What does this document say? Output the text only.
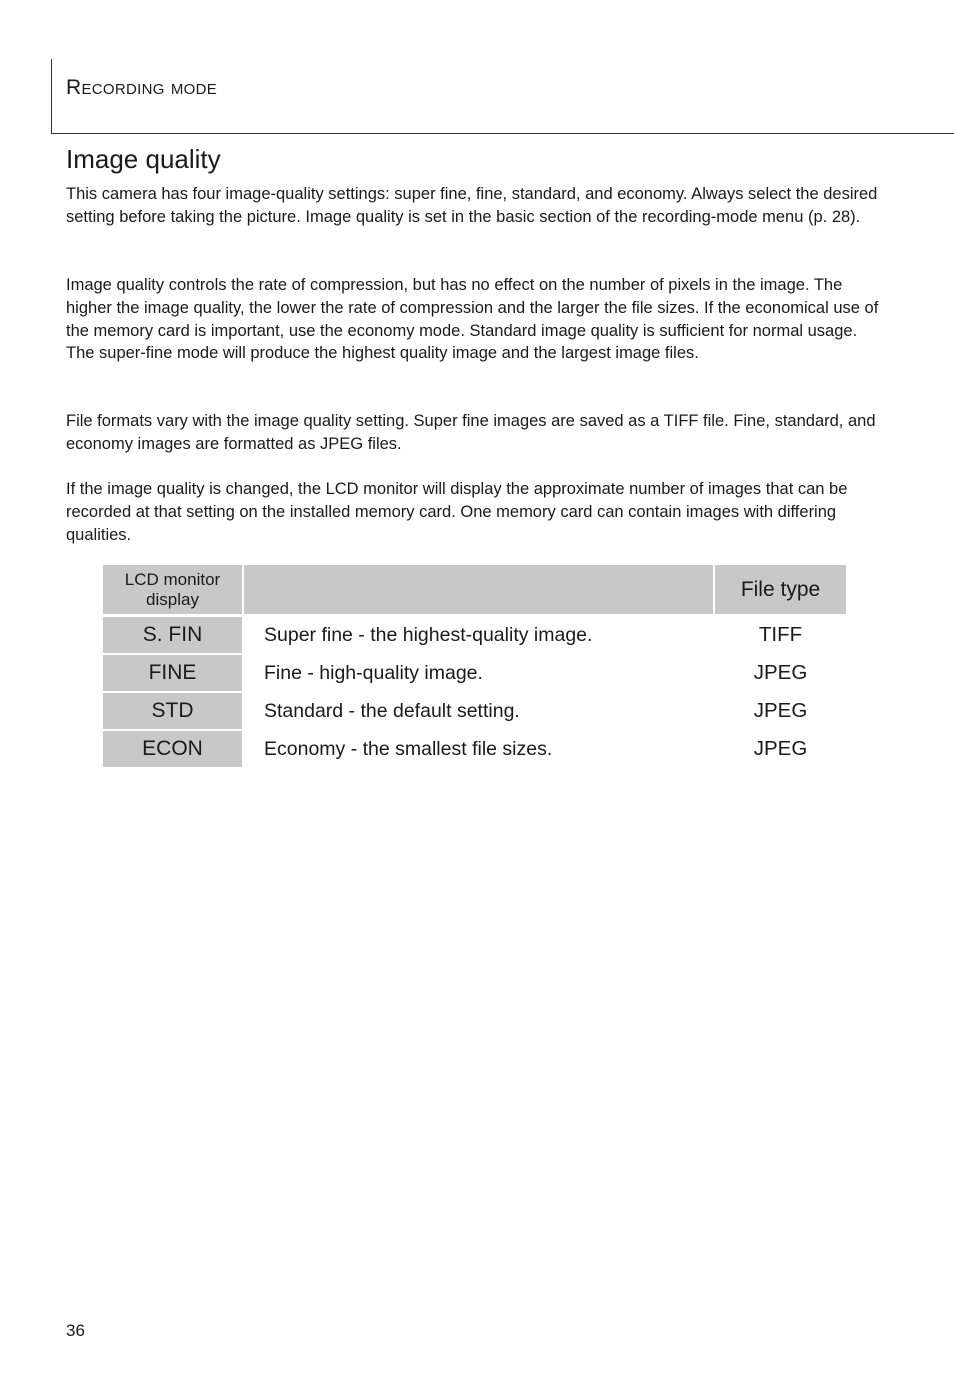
Recording mode
Image quality

This camera has four image-quality settings: super fine, fine, standard, and economy. Always select the desired setting before taking the picture. Image quality is set in the basic section of the recording-mode menu (p. 28).

Image quality controls the rate of compression, but has no effect on the number of pixels in the image. The higher the image quality, the lower the rate of compression and the larger the file sizes. If the economical use of the memory card is important, use the economy mode. Standard image quality is sufficient for normal usage. The super-fine mode will produce the highest quality image and the largest image files.

File formats vary with the image quality setting. Super fine images are saved as a TIFF file. Fine, standard, and economy images are formatted as JPEG files.

If the image quality is changed, the LCD monitor will display the approximate number of images that can be recorded at that setting on the installed memory card. One memory card can contain images with differing qualities.

LCD monitor
display		File type
S. FIN	Super fine - the highest-quality image.	TIFF
FINE	Fine - high-quality image.	JPEG
STD	Standard - the default setting.	JPEG
ECON	Economy - the smallest file sizes.	JPEG
36
